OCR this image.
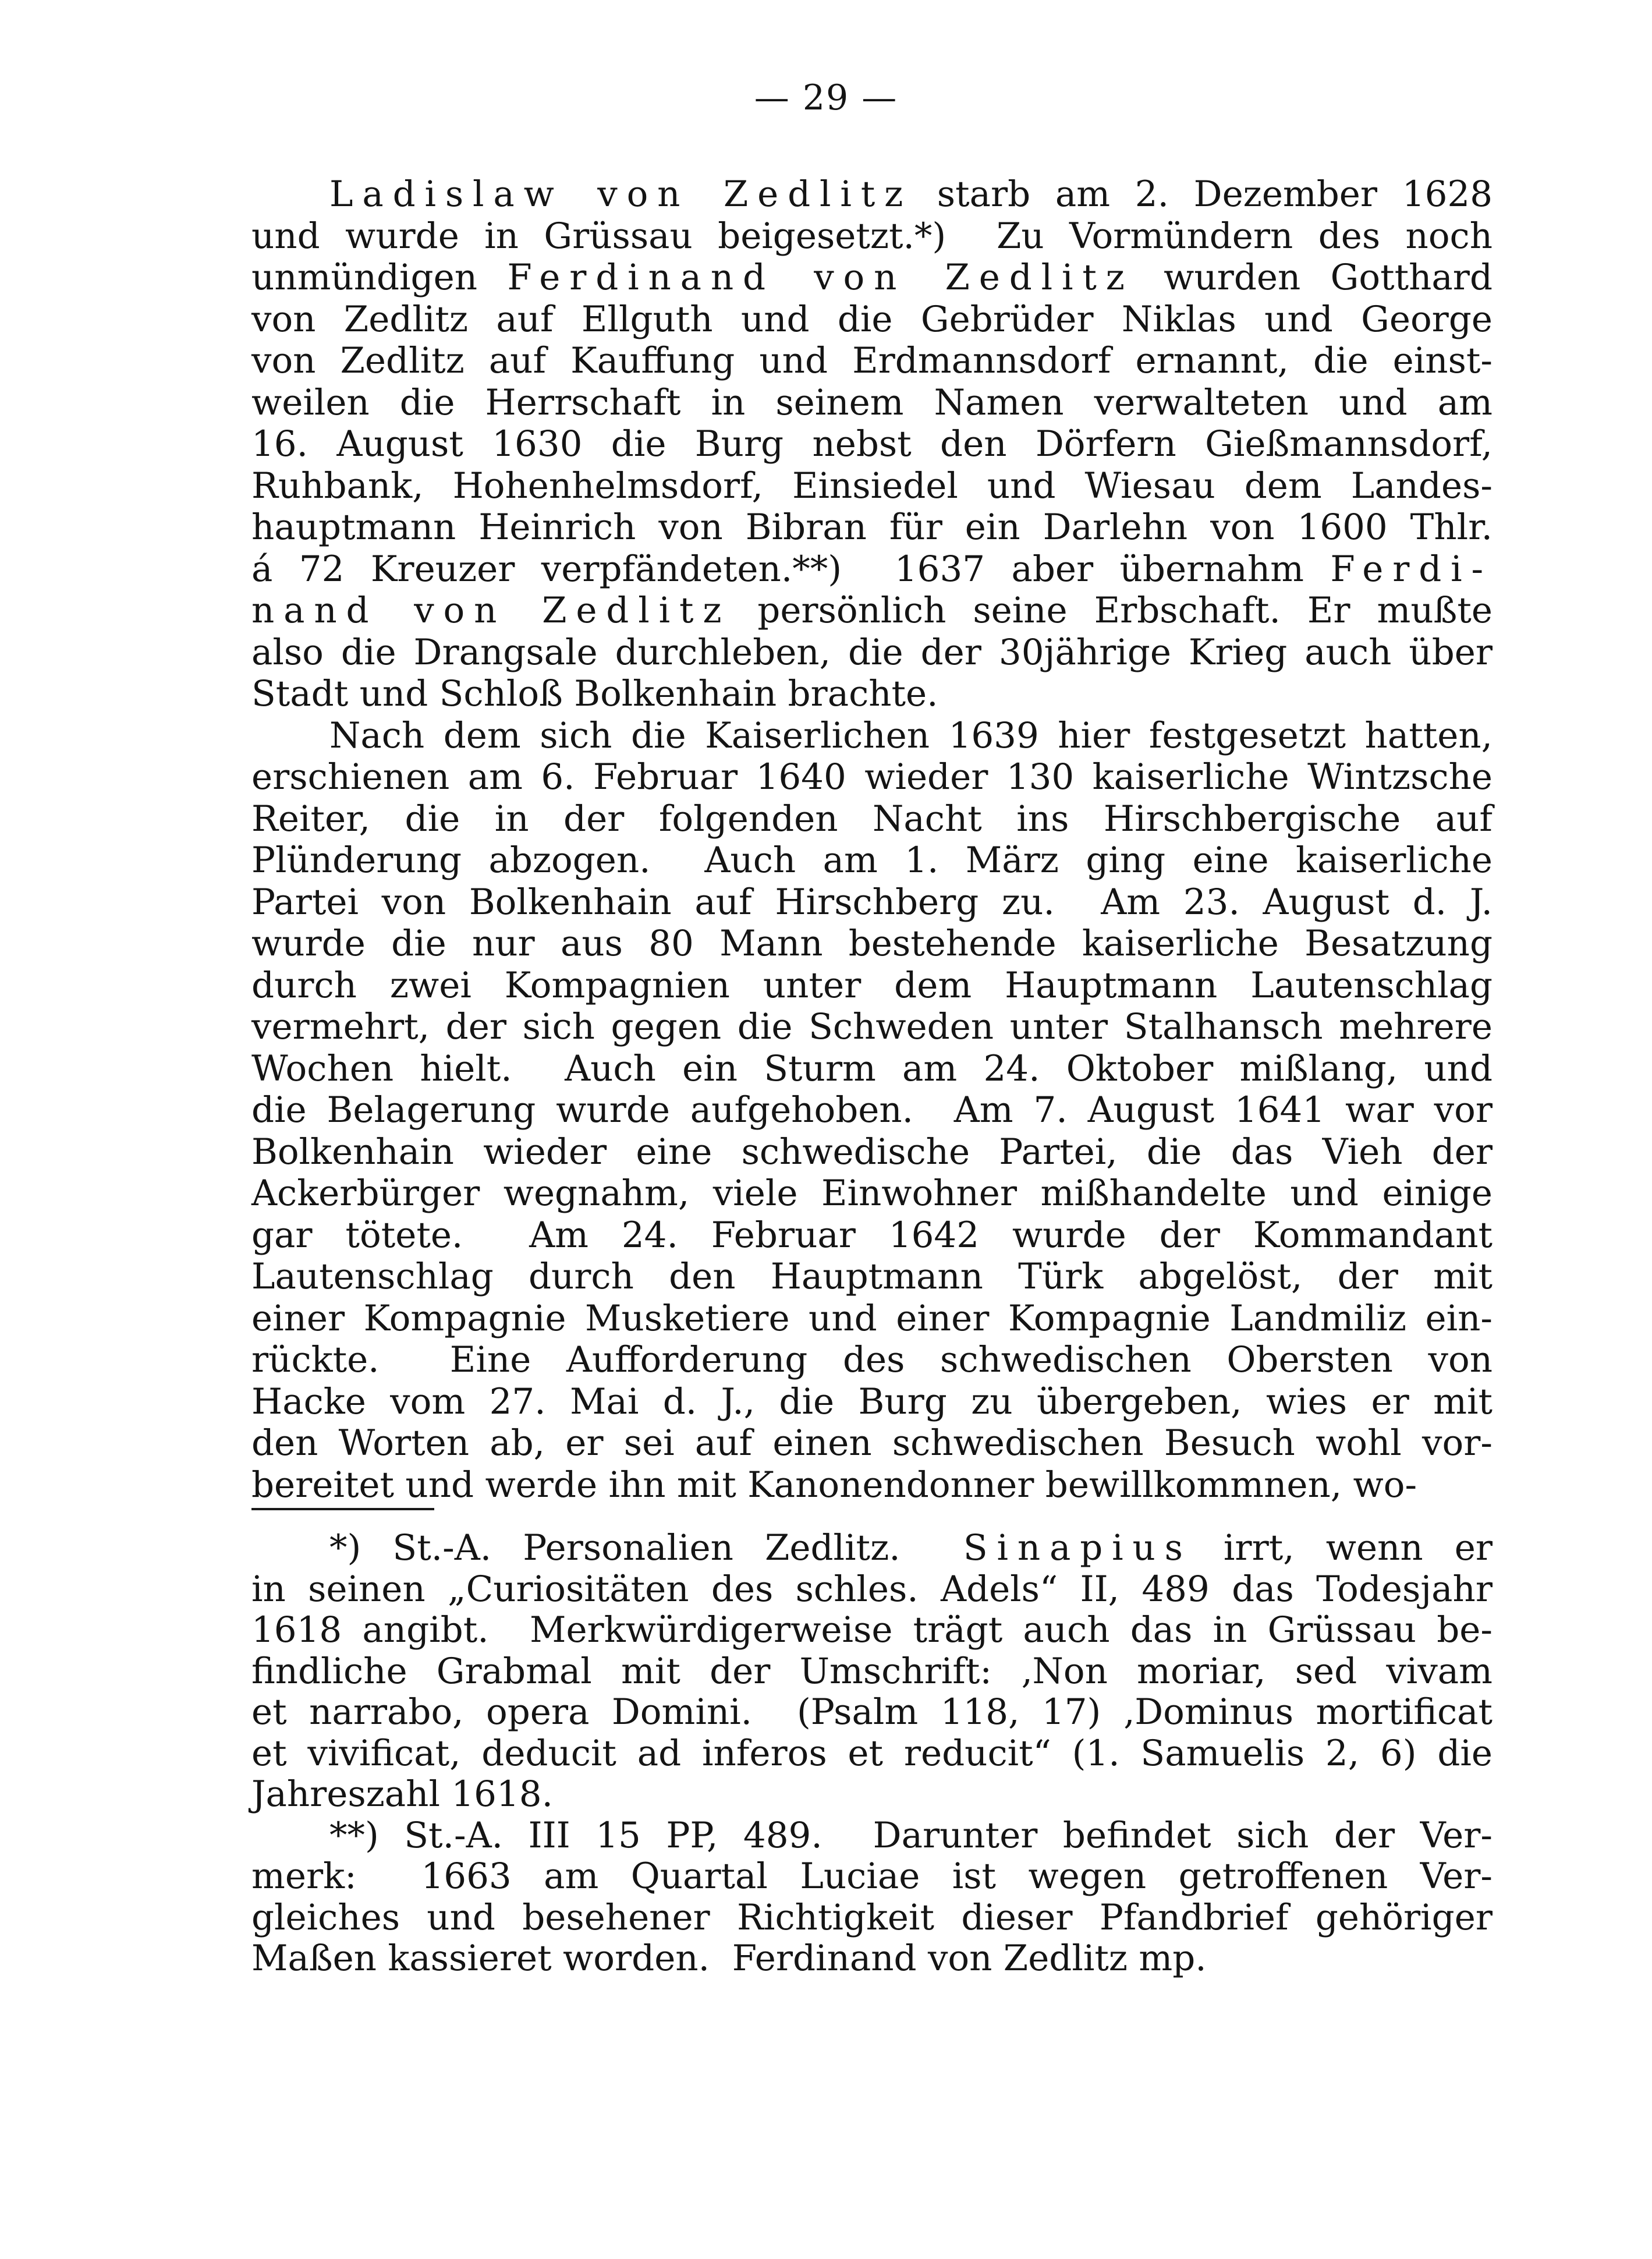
— 29 —
Ladislaw von Zedlitz starb am 2. Dezember 1628
und wurde in Grüssau beigesetzt.*)  Zu Vormündern des noch
unmündigen Ferdinand von Zedlitz wurden Gotthard
von Zedlitz auf Ellguth und die Gebrüder Niklas und George
von Zedlitz auf Kauffung und Erdmannsdorf ernannt, die einst-
weilen die Herrschaft in seinem Namen verwalteten und am
16. August 1630 die Burg nebst den Dörfern Gießmannsdorf,
Ruhbank, Hohenhelmsdorf, Einsiedel und Wiesau dem Landes-
hauptmann Heinrich von Bibran für ein Darlehn von 1600 Thlr.
á 72 Kreuzer verpfändeten.**)  1637 aber übernahm Ferdi-
nand von Zedlitz persönlich seine Erbschaft. Er mußte
also die Drangsale durchleben, die der 30jährige Krieg auch über
Stadt und Schloß Bolkenhain brachte.
Nach dem sich die Kaiserlichen 1639 hier festgesetzt hatten,
erschienen am 6. Februar 1640 wieder 130 kaiserliche Wintzsche
Reiter, die in der folgenden Nacht ins Hirschbergische auf
Plünderung abzogen.  Auch am 1. März ging eine kaiserliche
Partei von Bolkenhain auf Hirschberg zu.  Am 23. August d. J.
wurde die nur aus 80 Mann bestehende kaiserliche Besatzung
durch zwei Kompagnien unter dem Hauptmann Lautenschlag
vermehrt, der sich gegen die Schweden unter Stalhansch mehrere
Wochen hielt.  Auch ein Sturm am 24. Oktober mißlang, und
die Belagerung wurde aufgehoben.  Am 7. August 1641 war vor
Bolkenhain wieder eine schwedische Partei, die das Vieh der
Ackerbürger wegnahm, viele Einwohner mißhandelte und einige
gar tötete.  Am 24. Februar 1642 wurde der Kommandant
Lautenschlag durch den Hauptmann Türk abgelöst, der mit
einer Kompagnie Musketiere und einer Kompagnie Landmiliz ein-
rückte.  Eine Aufforderung des schwedischen Obersten von
Hacke vom 27. Mai d. J., die Burg zu übergeben, wies er mit
den Worten ab, er sei auf einen schwedischen Besuch wohl vor-
bereitet und werde ihn mit Kanonendonner bewillkommnen, wo-
*) St.-A. Personalien Zedlitz.  Sinapius irrt, wenn er
in seinen „Curiositäten des schles. Adels“ II, 489 das Todesjahr
1618 angibt.  Merkwürdigerweise trägt auch das in Grüssau be-
findliche Grabmal mit der Umschrift: ‚Non moriar, sed vivam
et narrabo, opera Domini.  (Psalm 118, 17) ‚Dominus mortificat
et vivificat, deducit ad inferos et reducit“ (1. Samuelis 2, 6) die
Jahreszahl 1618.
**) St.-A. III 15 PP, 489.  Darunter befindet sich der Ver-
merk:  1663 am Quartal Luciae ist wegen getroffenen Ver-
gleiches und besehener Richtigkeit dieser Pfandbrief gehöriger
Maßen kassieret worden.  Ferdinand von Zedlitz mp.
